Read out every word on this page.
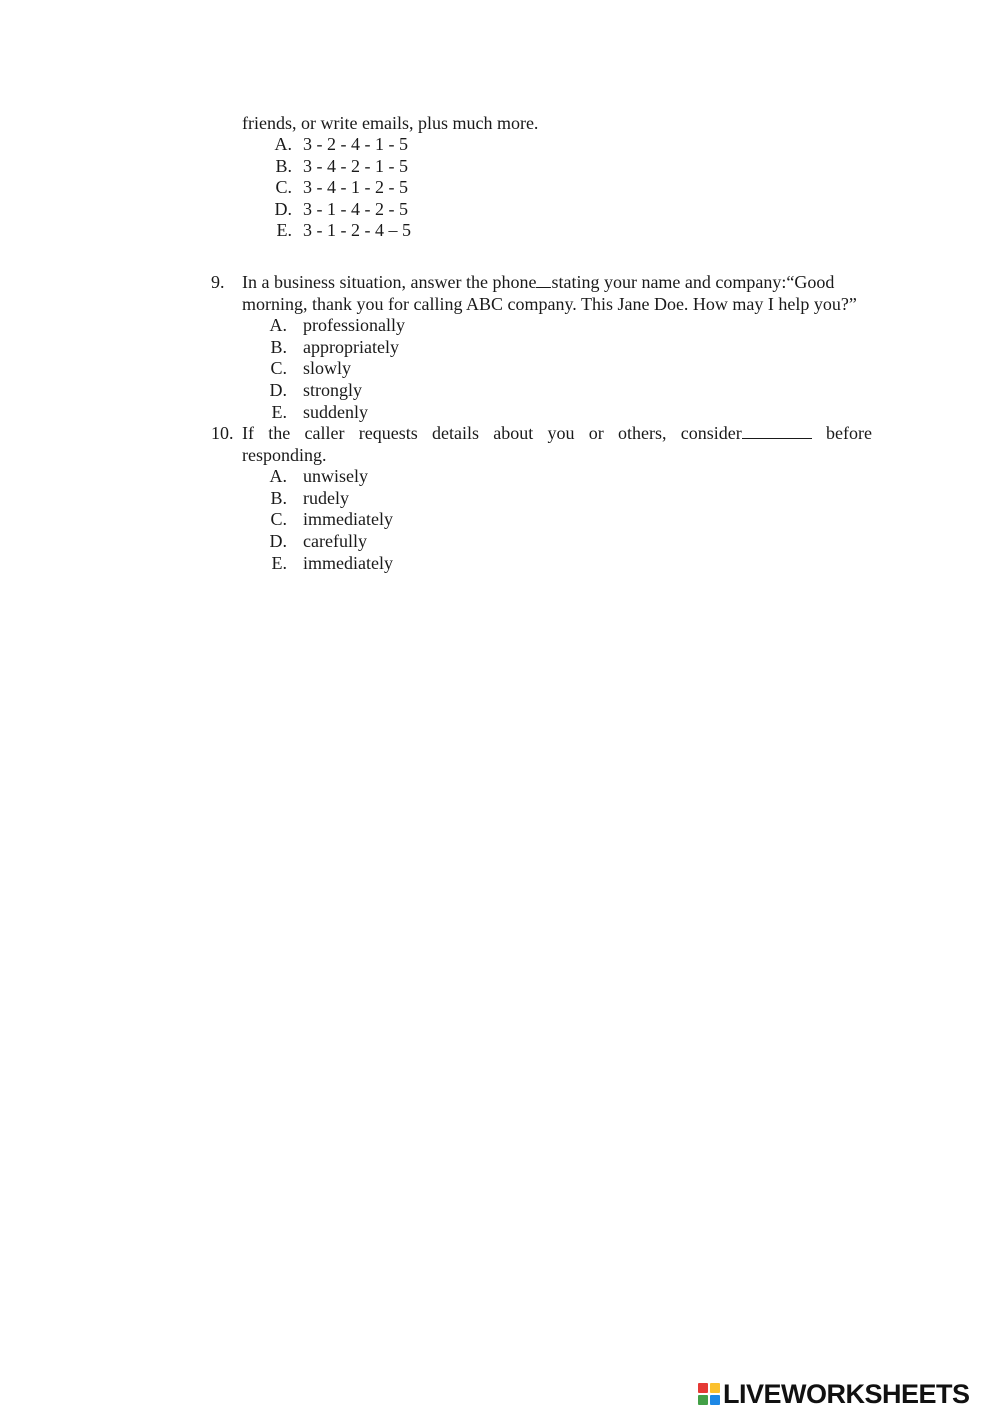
friends, or write emails, plus much more.
A. 3 - 2 - 4 - 1 - 5
B. 3 - 4 - 2 - 1 - 5
C. 3 - 4 - 1 - 2 - 5
D. 3 - 1 - 4 - 2 - 5
E. 3 - 1 - 2 - 4 – 5
9. In a business situation, answer the phone stating your name and company:“Good
morning, thank you for calling ABC company. This Jane Doe. How may I help you?”
A. professionally
B. appropriately
C. slowly
D. strongly
E. suddenly
10. If the caller requests details about you or others, consider	before
responding.
A. unwisely
B. rudely
C. immediately
D. carefully
E. immediately
LIVEWORKSHEETS
